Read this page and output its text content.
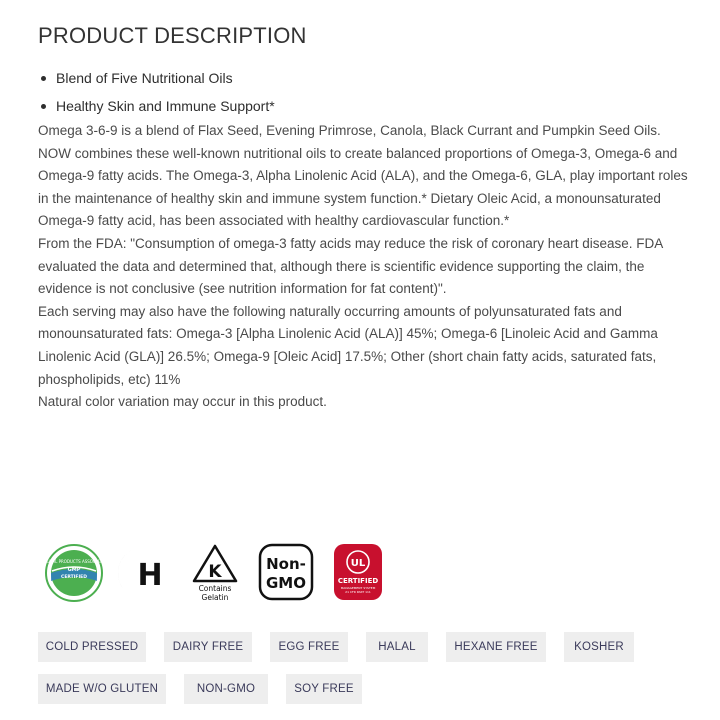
PRODUCT DESCRIPTION
Blend of Five Nutritional Oils
Healthy Skin and Immune Support*

Omega 3-6-9 is a blend of Flax Seed, Evening Primrose, Canola, Black Currant and Pumpkin Seed Oils. NOW combines these well-known nutritional oils to create balanced proportions of Omega-3, Omega-6 and Omega-9 fatty acids. The Omega-3, Alpha Linolenic Acid (ALA), and the Omega-6, GLA, play important roles in the maintenance of healthy skin and immune system function.* Dietary Oleic Acid, a monounsaturated Omega-9 fatty acid, has been associated with healthy cardiovascular function.*

From the FDA: "Consumption of omega-3 fatty acids may reduce the risk of coronary heart disease. FDA evaluated the data and determined that, although there is scientific evidence supporting the claim, the evidence is not conclusive (see nutrition information for fat content)".

Each serving may also have the following naturally occurring amounts of polyunsaturated fats and monounsaturated fats: Omega-3 [Alpha Linolenic Acid (ALA)] 45%; Omega-6 [Linoleic Acid and Gamma Linolenic Acid (GLA)] 26.5%; Omega-9 [Oleic Acid] 17.5%; Other (short chain fatty acids, saturated fats, phospholipids, etc) 11%

Natural color variation may occur in this product.

NATURAL PRODUCTS ASSOCIATION
GMP
CERTIFIED H	K
Contains
Gelatin
Non-
GMO
UL
CERTIFIED
MANAGEMENT SYSTEM
21 CFR PART 111
COLD PRESSED	DAIRY FREE	EGG FREE	HALAL	HEXANE FREE	KOSHER
MADE W/O GLUTEN	NON-GMO	SOY FREE
